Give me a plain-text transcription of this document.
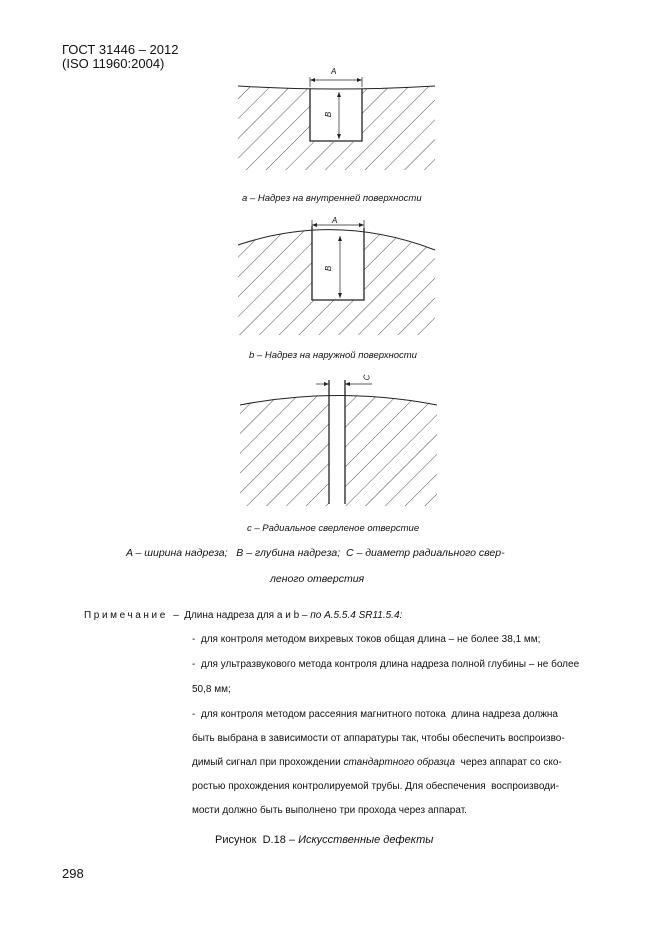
ГОСТ 31446 – 2012
(ISO 11960:2004)
A
B
A
B
C
а – Надрез на внутренней поверхности
b – Надрез на наружной поверхности
с – Радиальное сверленое отверстие
A – ширина надреза;   B – глубина надреза;  C – диаметр радиального свер-
леного отверстия
Примечание – Длина надреза для a и b – по A.5.5.4 SR11.5.4:
-  для контроля методом вихревых токов общая длина – не более 38,1 мм;
-  для ультразвукового метода контроля длина надреза полной глубины – не более
50,8 мм;
-  для контроля методом рассеяния магнитного потока  длина надреза должна
быть выбрана в зависимости от аппаратуры так, чтобы обеспечить воспроизво-
димый сигнал при прохождении стандартного образца  через аппарат со ско-
ростью прохождения контролируемой трубы. Для обеспечения  воспроизводи-
мости должно быть выполнено три прохода через аппарат.
Рисунок  D.18 – Искусственные дефекты
298
